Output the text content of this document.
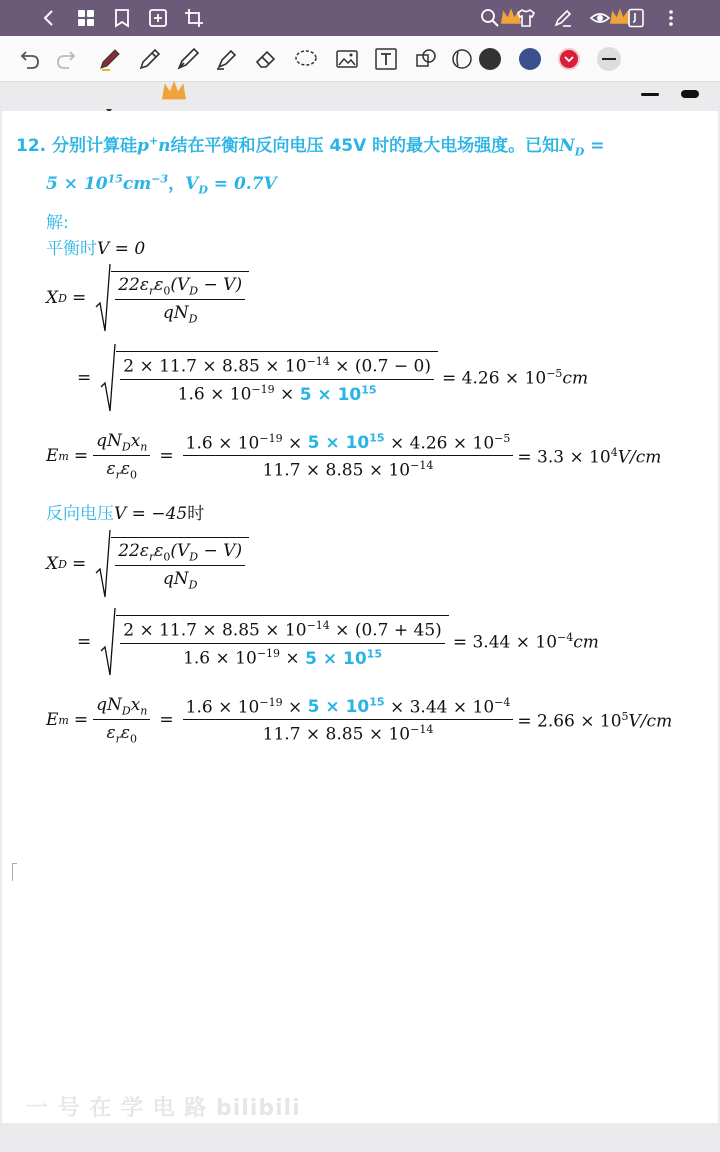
12. 分别计算硅p+n结在平衡和反向电压 45V 时的最大电场强度。已知$N_D$ =
$5 \times 10^{15}cm^{-3}$，$V_D = 0.7V$
解:
平衡时V = 0
X $D = \frac{22\varepsilon_r\varepsilon_0(V_D - V)}{qN_D}$
= $\frac{2 \times 11.7 \times 8.85 \times 10^{-14} \times (0.7 - 0)}{1.6 \times 10^{-19} \times 5 \times 10^{15}} = 4.26 \times 10^{-5}cm$
E $m = \frac{qN_Dx_n}{\varepsilon_r\varepsilon_0} = \frac{1.6 \times 10^{-19} \times 5 \times 10^{15} \times 4.26 \times 10^{-5}}{11.7 \times 8.85 \times 10^{-14}} = 3.3 \times 10^4V/cm$
反向电压V = −45时
X $D = \frac{22\varepsilon_r\varepsilon_0(V_D - V)}{qN_D}$
= $\frac{2 \times 11.7 \times 8.85 \times 10^{-14} \times (0.7 + 45)}{1.6 \times 10^{-19} \times 5 \times 10^{15}} = 3.44 \times 10^{-4}cm$
E $m = \frac{qN_Dx_n}{\varepsilon_r\varepsilon_0} = \frac{1.6 \times 10^{-19} \times 5 \times 10^{15} \times 3.44 \times 10^{-4}}{11.7 \times 8.85 \times 10^{-14}} = 2.66 \times 10^5V/cm$
一 号 在 学 电 路 bilibili
